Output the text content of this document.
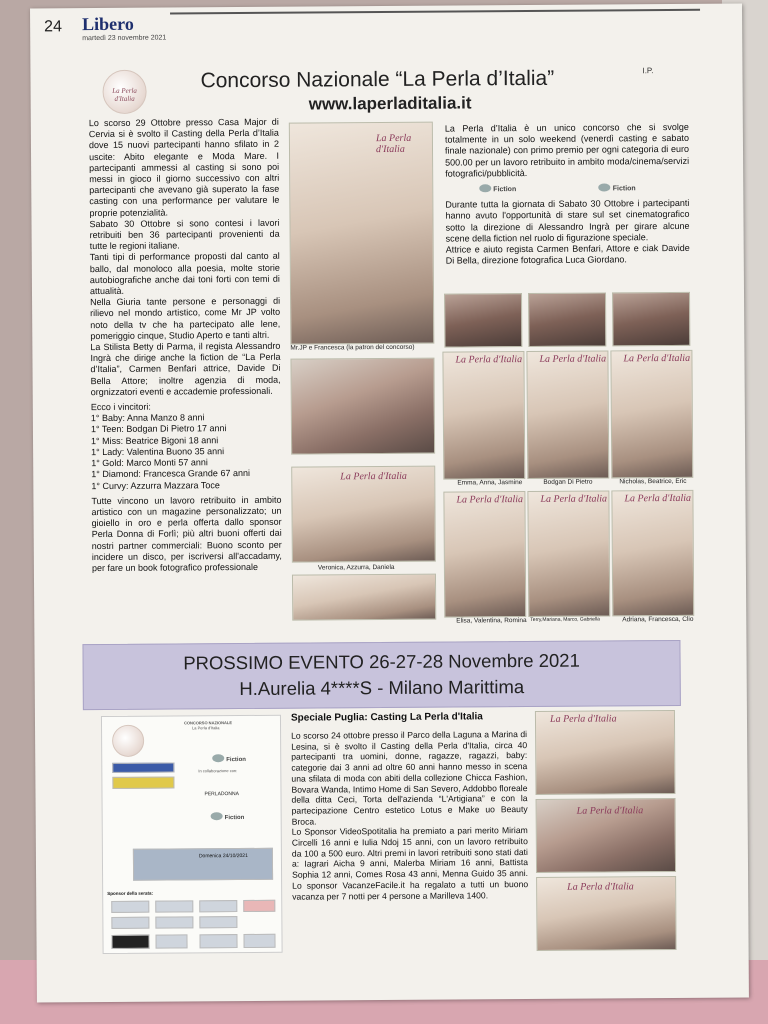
24 Libero
martedì 23 novembre 2021
La Perla d'Italia
Concorso Nazionale “La Perla d’Italia”
www.laperladitalia.it
I.P.

Lo scorso 29 Ottobre presso Casa Major di Cervia si è svolto il Casting della Perla d’Italia dove 15 nuovi partecipanti hanno sfilato in 2 uscite: Abito elegante e Moda Mare. I partecipanti ammessi al casting si sono poi messi in gioco il giorno successivo con altri partecipanti che avevano già superato la fase casting con una performance per valutare le proprie potenzialità.

Sabato 30 Ottobre si sono contesi i lavori retribuiti ben 36 partecipanti provenienti da tutte le regioni italiane.

Tanti tipi di performance proposti dal canto al ballo, dal monoloco alla poesia, molte storie autobiografiche anche dai toni forti con temi di attualità.

Nella Giuria tante persone e personaggi di rilievo nel mondo artistico, come Mr JP volto noto della tv che ha partecipato alle lene, pomeriggio cinque, Studio Aperto e tanti altri.

La Stilista Betty di Parma, il regista Alessandro Ingrà che dirige anche la fiction de “La Perla d’Italia”, Carmen Benfari attrice, Davide Di Bella Attore; inoltre agenzia di moda, orgnizzatori eventi e accademie professionali.

Ecco i vincitori:

1° Baby: Anna Manzo 8 anni

1° Teen: Bodgan Di Pietro 17 anni

1° Miss: Beatrice Bigoni 18 anni

1° Lady: Valentina Buono 35 anni

1° Gold: Marco Monti 57 anni

1° Diamond: Francesca Grande 67 anni

1° Curvy: Azzurra Mazzara Toce

Tutte vincono un lavoro retribuito in ambito artistico con un magazine personalizzato; un gioiello in oro e perla offerta dallo sponsor Perla Donna di Forlì; più altri buoni offerti dai nostri partner commerciali: Buono sconto per incidere un disco, per iscriversi all'accadamy, per fare un book fotografico professionale

La Perla d'Italia
Mr.JP e Francesca (la patron del concorso)
La Perla d'Italia
Veronica, Azzurra, Daniela

La Perla d’Italia è un unico concorso che si svolge totalmente in un solo weekend (venerdì casting e sabato finale nazionale) con primo premio per ogni categoria di euro 500.00 per un lavoro retribuito in ambito moda/cinema/servizi fotografici/pubblicità.

Fiction	Fiction

Durante tutta la giornata di Sabato 30 Ottobre i partecipanti hanno avuto l'opportunità di stare sul set cinematografico sotto la direzione di Alessandro Ingrà per girare alcune scene della fiction nel ruolo di figurazione speciale.

Attrice e aiuto regista Carmen Benfari, Attore e ciak Davide Di Bella, direzione fotografica Luca Giordano.

La Perla d'Italia La Perla d'Italia La Perla d'Italia
Emma, Anna, Jasmine	Bodgan Di Pietro	Nicholas, Beatrice, Eric
La Perla d'Italia La Perla d'Italia La Perla d'Italia
Elisa, Valentina, Romina Terry,Mariana, Marco, Gabriella	Adriana, Francesca, Clio
PROSSIMO EVENTO 26-27-28 Novembre 2021
H.Aurelia 4****S - Milano Marittima
CONCORSO NAZIONALE
La Perla d'Italia
In collaborazione con:
Fiction
PERLADONNA
Fiction
Domenica 24/10/2021
Sponsor della serata:
Speciale Puglia: Casting La Perla d'Italia

Lo scorso 24 ottobre presso il Parco della Laguna a Marina di Lesina, si è svolto il Casting della Perla d'Italia, circa 40 partecipanti tra uomini, donne, ragazze, ragazzi, baby: categorie dai 3 anni ad oltre 60 anni hanno messo in scena una sfilata di moda con abiti della collezione Chicca Fashion, Bovara Wanda, Intimo Home di San Severo, Addobbo floreale della ditta Ceci, Torta dell'azienda “L'Artigiana” e con la partecipazione Centro estetico Lotus e Make uo Beauty Broca.

Lo Sponsor VideoSpotitalia ha premiato a pari merito Miriam Circelli 16 anni e Iulia Ndoj 15 anni, con un lavoro retribuito da 100 a 500 euro. Altri premi in lavori retribuiti sono stati dati a: Iagrari Aicha 9 anni, Malerba Miriam 16 anni, Battista Sophia 12 anni, Comes Rosa 43 anni, Menna Guido 35 anni. Lo sponsor VacanzeFacile.it ha regalato a tutti un buono vacanza per 7 notti per 4 persone a Marilleva 1400.

La Perla d'Italia
La Perla d'Italia
La Perla d'Italia
